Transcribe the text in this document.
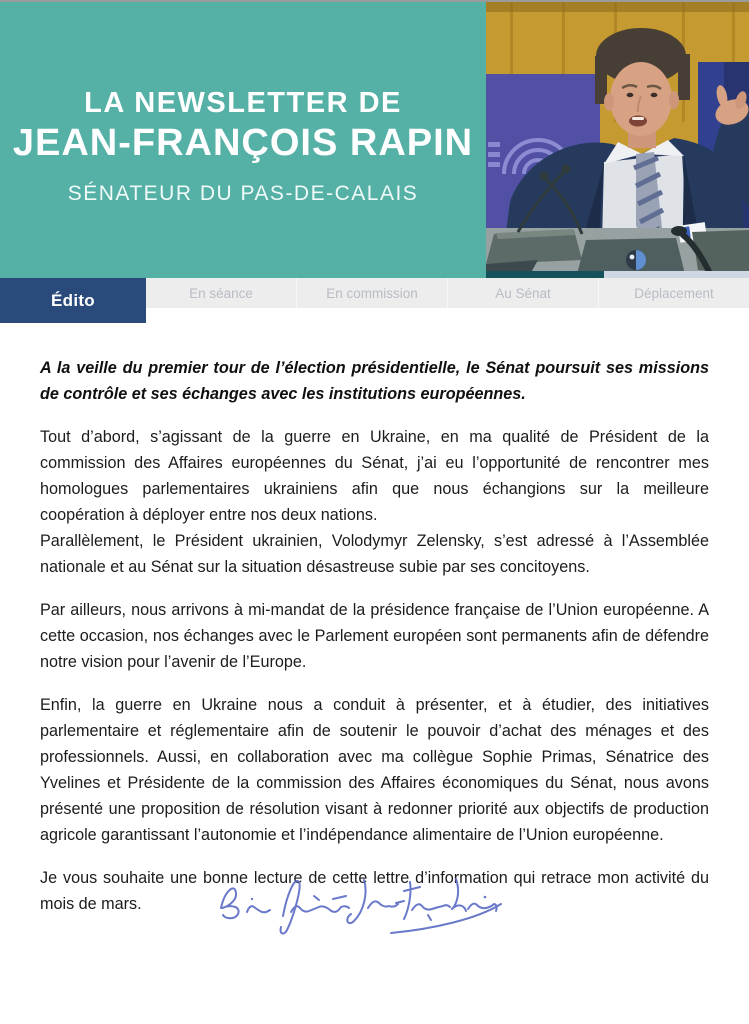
LA NEWSLETTER DE
JEAN-FRANÇOIS RAPIN
SÉNATEUR DU PAS-DE-CALAIS
Édito	En séance	En commission	Au Sénat	Déplacement

A la veille du premier tour de l’élection présidentielle, le Sénat poursuit ses missions de contrôle et ses échanges avec les institutions européennes.

Tout d’abord, s’agissant de la guerre en Ukraine, en ma qualité de Président de la commission des Affaires européennes du Sénat, j’ai eu l’opportunité de rencontrer mes homologues parlementaires ukrainiens afin que nous échangions sur la meilleure coopération à déployer entre nos deux nations.

Parallèlement, le Président ukrainien, Volodymyr Zelensky, s’est adressé à l’Assemblée nationale et au Sénat sur la situation désastreuse subie par ses concitoyens.

Par ailleurs, nous arrivons à mi-mandat de la présidence française de l’Union européenne. A cette occasion, nos échanges avec le Parlement européen sont permanents afin de défendre notre vision pour l’avenir de l’Europe.

Enfin, la guerre en Ukraine nous a conduit à présenter, et à étudier, des initiatives parlementaire et réglementaire afin de soutenir le pouvoir d’achat des ménages et des professionnels. Aussi, en collaboration avec ma collègue Sophie Primas, Sénatrice des Yvelines et Présidente de la commission des Affaires économiques du Sénat, nous avons présenté une proposition de résolution visant à redonner priorité aux objectifs de production agricole garantissant l’autonomie et l’indépendance alimentaire de l’Union européenne.

Je vous souhaite une bonne lecture de cette lettre d’information qui retrace mon activité du mois de mars.
